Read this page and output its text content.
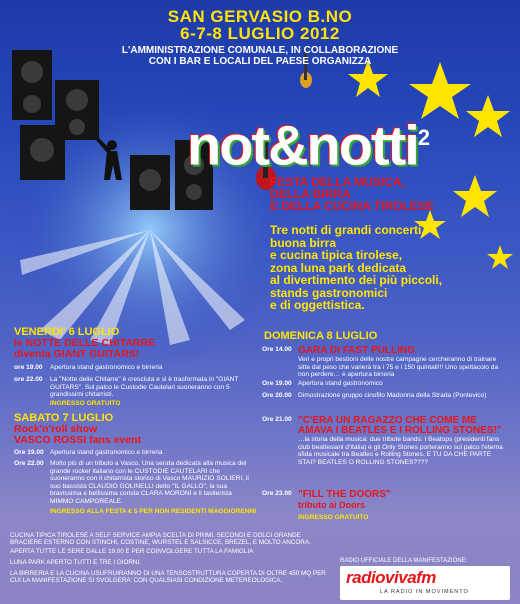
SAN GERVASIO B.NO
6-7-8 LUGLIO 2012
L'AMMINISTRAZIONE COMUNALE, IN COLLABORAZIONE
CON I BAR E LOCALI DEL PAESE ORGANIZZA
not&notti$^2$
FESTA DELLA MUSICA,
DELLA BIRRA
E DELLA CUCINA TIROLESE
Tre notti di grandi concerti,
buona birra
e cucina tipica tirolese,
zona luna park dedicata
al divertimento dei più piccoli,
stands gastronomici
e di oggettistica.
VENERDI' 6 LUGLIO
le NOTTE DELLE CHITARRE
diventa GIANT GUITARS!
ore 19.00	Apertura stand gastronomico e birreria
ore 22.00	La "Notte delle Chitarre" è cresciuta e si è trasformata in "GIANT GUITARS". Sul palco le Custodie Cautelari suoneranno con 5 grandissimi chitarristi.
INGRESSO GRATUITO
SABATO 7 LUGLIO
Rock'n'roll show
VASCO ROSSI fans event
Ore 19.00 Apertura stand gastronomico e birreria
Ore 22.00 Molto più di un tributo a Vasco. Una serata dedicata alla musica del grande rocker italiano con le CUSTODIE CAUTELARI che suoneranno con il chitarrista storico di Vasco MAURIZIO SOLIERI, il suo bassista CLAUDIO GOLINELLI detto "IL GALLO", la sua bravissima e bellissima corista CLARA MORONI e il tastierista MIMMO CAMPOREALE.
INGRESSO ALLA FESTA € 5 PER NON RESIDENTI MAGGIORENNI
DOMENICA 8 LUGLIO
Ore 14.00 GARA DI FAST PULLING
Veri e propri bestioni delle nostre campagne cercheranno di trainare sitte dal peso che varierà tra i 75 e i 150 quintali!!! Uno spettacolo da non perdere… e apertura birreria
Ore 19.00 Apertura stand gastronomico
Ore 20.00 Dimostrazione gruppo cinofilo Madonna della Strada (Pontevico)
Ore 21.00 "C'ERA UN RAGAZZO CHE COME ME AMAVA I BEATLES E I ROLLING STONES!"
…la storia della musica: due tribute bands: I Beatops (presidenti fans club beatlesiani d'Italia) e gli Only Stones porteranno sul palco l'eterna sfida musicale tra Beatles e Rolling Stones. E TU DA CHE PARTE STAI? BEATLES O ROLLING STONES????
Ore 23.00 "FILL THE DOORS"
tributo ai Doors
INGRESSO GRATUITO
CUCINA TIPICA TIROLESE A SELF SERVICE AMPIA SCELTA DI PRIMI, SECONDI E DOLCI GRANDE BRACIERE ESTERNO CON STINCHI, COSTINE, WURSTEL E SALSICCE, BREZEL, E MOLTO ANCORA.
APERTA TUTTE LE SERE DALLE 19.00 E PER COINVOLGERE TUTTA LA FAMIGLIA
LUNA PARK APERTO TUTTI E TRE I GIORNI.
LA BIRRERIA E LA CUCINA USUFRUIRANNO DI UNA TENSOSTRUTTURA COPERTA DI OLTRE 450 MQ PER CUI LA MANIFESTAZIONE SI SVOLGERA' CON QUALSIASI CONDIZIONE METEREOLOGICA.
RADIO UFFICIALE DELLA MANIFESTAZIONE:
radiovivafm
LA RADIO IN MOVIMENTO
